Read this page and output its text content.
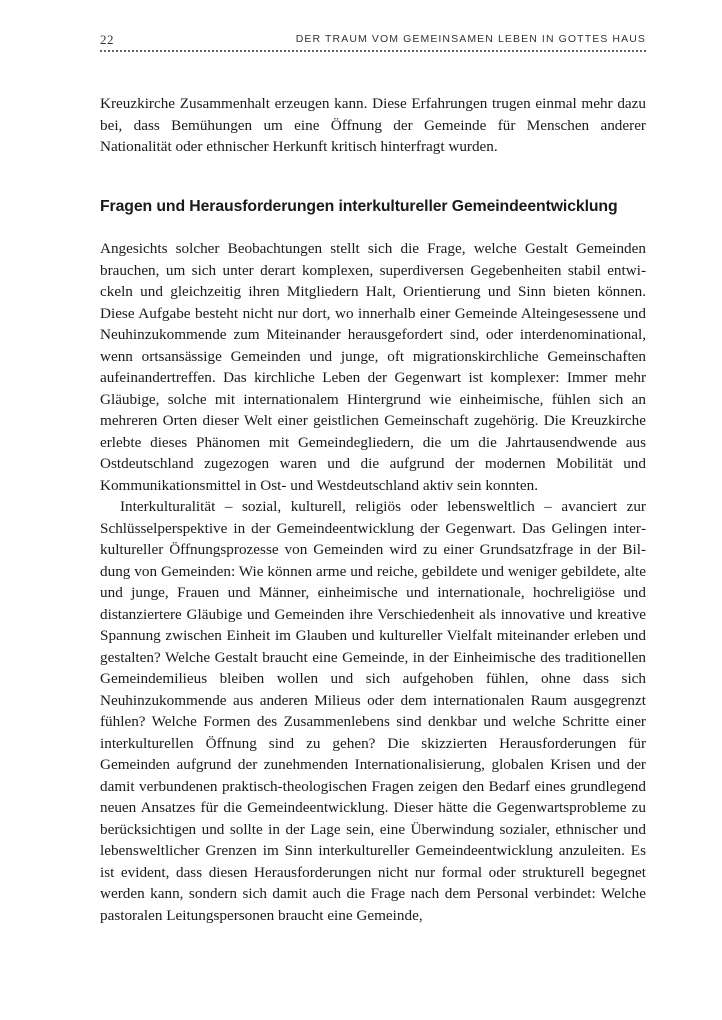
22	DER TRAUM VOM GEMEINSAMEN LEBEN IN GOTTES HAUS

Kreuzkirche Zusammenhalt erzeugen kann. Diese Erfahrungen trugen einmal mehr dazu bei, dass Bemühungen um eine Öffnung der Gemeinde für Menschen anderer Nationalität oder ethnischer Herkunft kritisch hinterfragt wurden.

Fragen und Herausforderungen interkultureller Gemeindeentwicklung

Angesichts solcher Beobachtungen stellt sich die Frage, welche Gestalt Gemeinden brauchen, um sich unter derart komplexen, superdiversen Gegebenheiten stabil entwickeln und gleichzeitig ihren Mitgliedern Halt, Orientierung und Sinn bieten können. Diese Aufgabe besteht nicht nur dort, wo innerhalb einer Gemeinde Alteingesessene und Neuhinzukommende zum Miteinander herausgefordert sind, oder interdenominational, wenn ortsansässige Gemeinden und junge, oft migrationskirchliche Gemeinschaften aufeinandertreffen. Das kirchliche Leben der Gegenwart ist komplexer: Immer mehr Gläubige, solche mit internationalem Hintergrund wie einheimische, fühlen sich an mehreren Orten dieser Welt einer geistlichen Gemeinschaft zugehörig. Die Kreuzkirche erlebte dieses Phänomen mit Gemeindegliedern, die um die Jahrtausendwende aus Ostdeutschland zugezogen waren und die aufgrund der modernen Mobilität und Kommunikationsmittel in Ost- und Westdeutschland aktiv sein konnten.

Interkulturalität – sozial, kulturell, religiös oder lebensweltlich – avanciert zur Schlüsselperspektive in der Gemeindeentwicklung der Gegenwart. Das Gelingen interkultureller Öffnungsprozesse von Gemeinden wird zu einer Grundsatzfrage in der Bildung von Gemeinden: Wie können arme und reiche, gebildete und weniger gebildete, alte und junge, Frauen und Männer, einheimische und internationale, hochreligiöse und distanziertere Gläubige und Gemeinden ihre Verschiedenheit als innovative und kreative Spannung zwischen Einheit im Glauben und kultureller Vielfalt miteinander erleben und gestalten? Welche Gestalt braucht eine Gemeinde, in der Einheimische des traditionellen Gemeindemilieus bleiben wollen und sich aufgehoben fühlen, ohne dass sich Neuhinzukommende aus anderen Milieus oder dem internationalen Raum ausgegrenzt fühlen? Welche Formen des Zusammenlebens sind denkbar und welche Schritte einer interkulturellen Öffnung sind zu gehen? Die skizzierten Herausforderungen für Gemeinden aufgrund der zunehmenden Internationalisierung, globalen Krisen und der damit verbundenen praktisch-theologischen Fragen zeigen den Bedarf eines grundlegend neuen Ansatzes für die Gemeindeentwicklung. Dieser hätte die Gegenwartsprobleme zu berücksichtigen und sollte in der Lage sein, eine Überwindung sozialer, ethnischer und lebensweltlicher Grenzen im Sinn interkultureller Gemeindeentwicklung anzuleiten. Es ist evident, dass diesen Herausforderungen nicht nur formal oder strukturell begegnet werden kann, sondern sich damit auch die Frage nach dem Personal verbindet: Welche pastoralen Leitungspersonen braucht eine Gemeinde,
